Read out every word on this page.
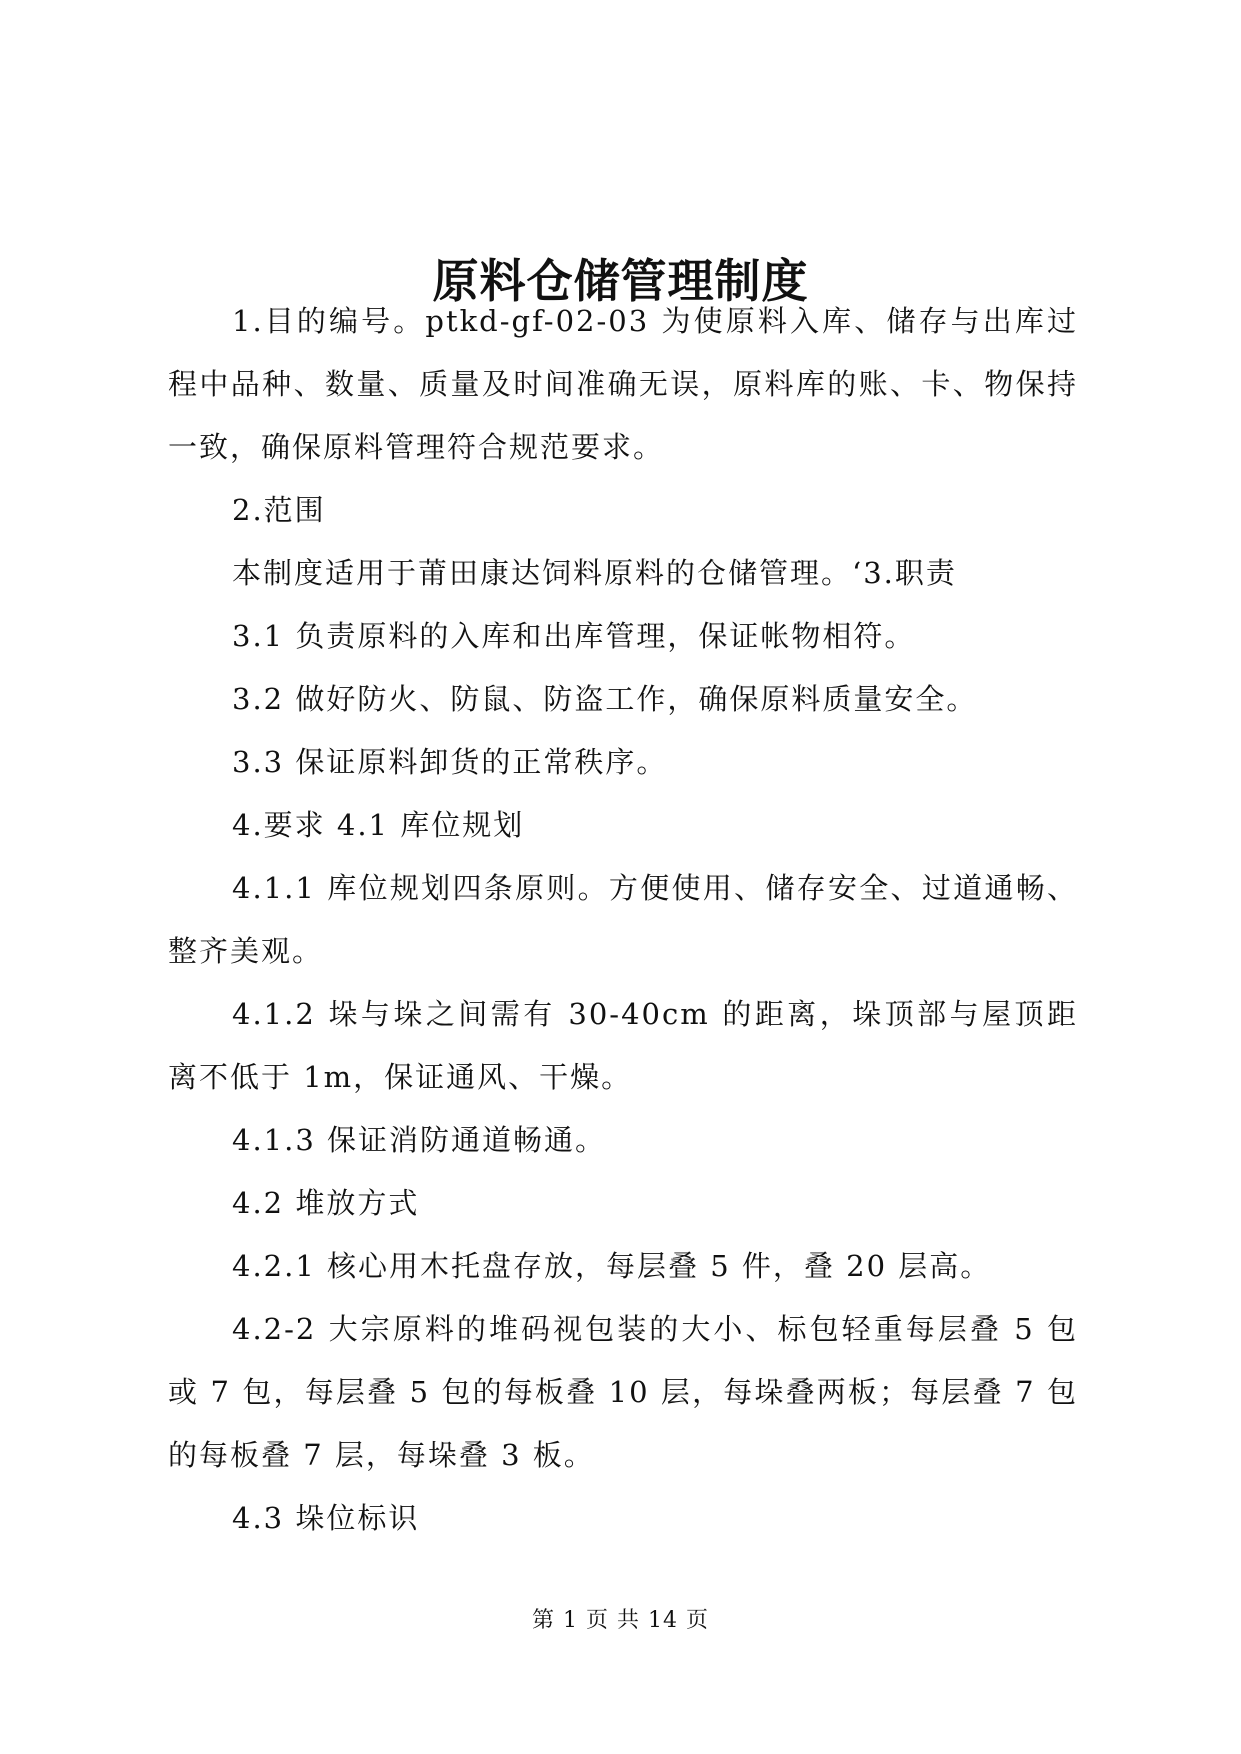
原料仓储管理制度

1.目的编号。ptkd-gf-02-03 为使原料入库、储存与出库过程中品种、数量、质量及时间准确无误，原料库的账、卡、物保持一致，确保原料管理符合规范要求。

2.范围

本制度适用于莆田康达饲料原料的仓储管理。‘3.职责

3.1 负责原料的入库和出库管理，保证帐物相符。

3.2 做好防火、防鼠、防盗工作，确保原料质量安全。

3.3 保证原料卸货的正常秩序。

4.要求 4.1 库位规划

4.1.1 库位规划四条原则。方便使用、储存安全、过道通畅、整齐美观。

4.1.2 垛与垛之间需有 30-40cm 的距离，垛顶部与屋顶距离不低于 1m，保证通风、干燥。

4.1.3 保证消防通道畅通。

4.2 堆放方式

4.2.1 核心用木托盘存放，每层叠 5 件，叠 20 层高。

4.2-2 大宗原料的堆码视包装的大小、标包轻重每层叠 5 包或 7 包，每层叠 5 包的每板叠 10 层，每垛叠两板；每层叠 7 包的每板叠 7 层，每垛叠 3 板。

4.3 垛位标识

第 1 页 共 14 页
